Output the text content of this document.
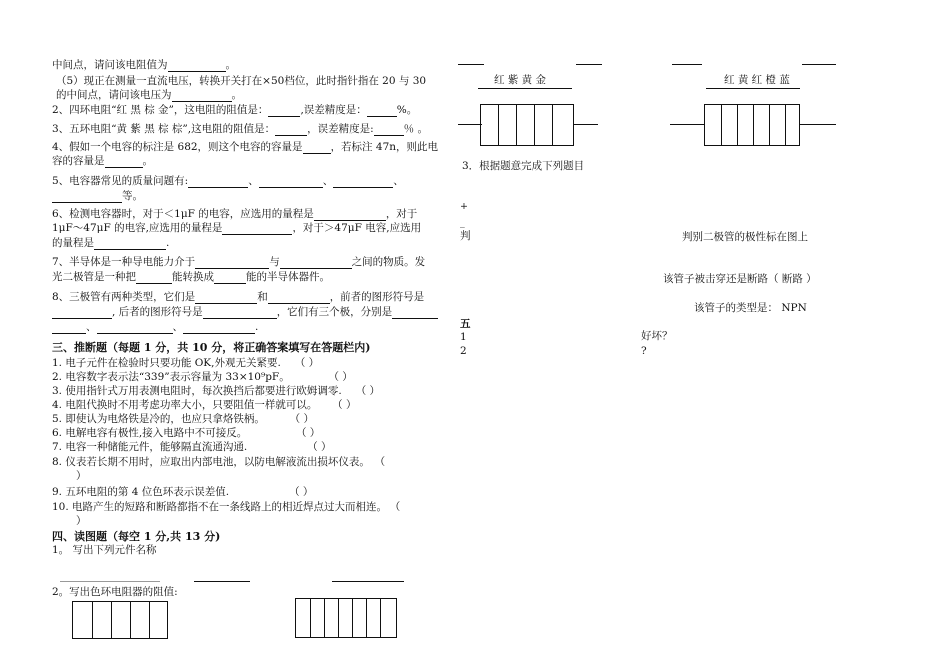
中间点，请问该电阻值为	。
（5）现正在测量一直流电压，转换开关打在×50档位，此时指针指在 20 与 30
的中间点，请问该电压为	。
2、四环电阻“红 黑 棕 金”，这电阻的阻值是：	,误差精度是：	%。
3、五环电阻“黄 紫 黑 棕 棕”,这电阻的阻值是：	，误差精度是:	％ 。
4、假如一个电容的标注是 682，则这个电容的容量是	，若标注 47n，则此电
容的容量是	。
5、电容器常见的质量问题有:	、	、	、
等。
6、检测电容器时，对于＜1μF 的电容，应选用的量程是	，对于
1μF～47μF 的电容,应选用的量程是	，对于＞47μF 电容,应选用
的量程是	.
7、半导体是一种导电能力介于	与	之间的物质。发
光二极管是一种把	能转换成	能的半导体器件。
8、三极管有两种类型，它们是	和	，前者的图形符号是
, 后者的图形符号是	，它们有三个极，分别是
、	、	.
三、推断题（每题 1 分，共 10 分，将正确答案填写在答题栏内)
1. 电子元件在检验时只要功能 OK,外观无关紧要. （ ）
2. 电容数字表示法“339”表示容量为 33×10⁹pF。	（ ）
3. 使用指针式万用表测电阻时，每次换挡后都要进行欧姆调零. （ ）
4. 电阻代换时不用考虑功率大小，只要阻值一样就可以。 （ ）
5. 即使认为电烙铁是冷的，也应只拿烙铁柄。	（ ）
6. 电解电容有极性,接入电路中不可接反。	（ ）
7. 电容一种储能元件，能够隔直流通沟通.	（ ）
8. 仪表若长期不用时，应取出内部电池，以防电解液流出损坏仪表。 （
）
9. 五环电阻的第 4 位色环表示误差值.	（ ）
10. 电路产生的短路和断路都指不在一条线路上的相近焊点过大而相连。 （
）
四、读图题（每空 1 分,共 13 分)
1。 写出下列元件名称
2。写出色环电阻器的阻值:
红 紫 黄 金	红 黄 红 橙 蓝
3．根据题意完成下列题目
+
_
判	判别二极管的极性标在图上
该管子被击穿还是断路（ 断路 ）
该管子的类型是： NPN
五
1
2
好坏？
?
